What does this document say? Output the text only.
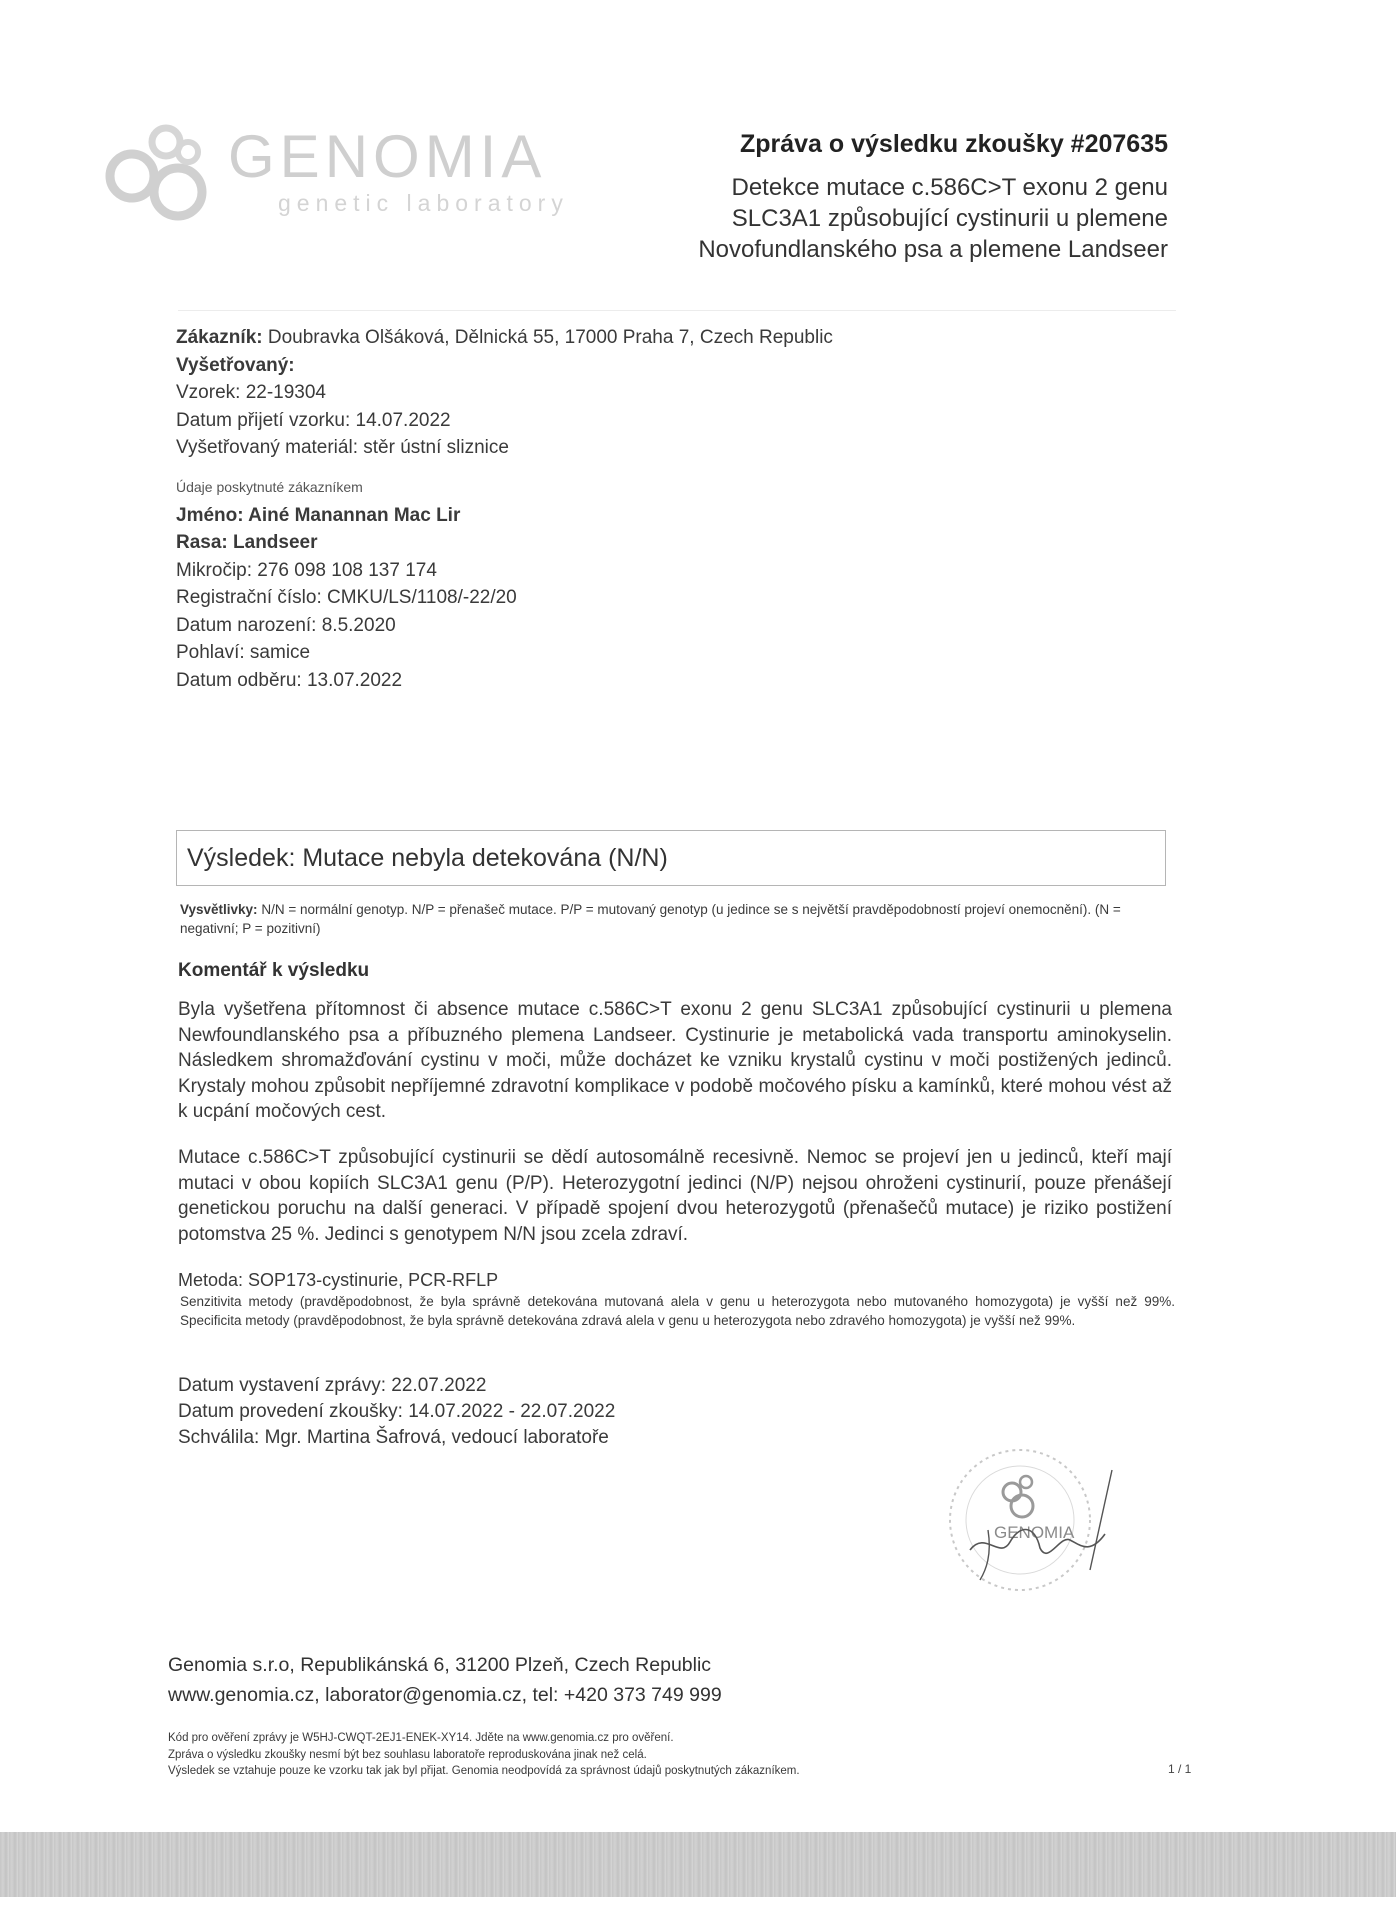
GENOMIA
genetic laboratory
Zpráva o výsledku zkoušky #207635
Detekce mutace c.586C>T exonu 2 genu
SLC3A1 způsobující cystinurii u plemene
Novofundlanského psa a plemene Landseer
Zákazník: Doubravka Olšáková, Dělnická 55, 17000 Praha 7, Czech Republic
Vyšetřovaný:
Vzorek: 22-19304
Datum přijetí vzorku: 14.07.2022
Vyšetřovaný materiál: stěr ústní sliznice
Údaje poskytnuté zákazníkem
Jméno: Ainé Manannan Mac Lir
Rasa: Landseer
Mikročip: 276 098 108 137 174
Registrační číslo: CMKU/LS/1108/-22/20
Datum narození: 8.5.2020
Pohlaví: samice
Datum odběru: 13.07.2022
Výsledek: Mutace nebyla detekována (N/N)
Vysvětlivky: N/N = normální genotyp. N/P = přenašeč mutace. P/P = mutovaný genotyp (u jedince se s největší pravděpodobností projeví onemocnění). (N = negativní; P = pozitivní)
Komentář k výsledku
Byla vyšetřena přítomnost či absence mutace c.586C>T exonu 2 genu SLC3A1 způsobující cystinurii u plemena Newfoundlanského psa a příbuzného plemena Landseer. Cystinurie je metabolická vada transportu aminokyselin. Následkem shromažďování cystinu v moči, může docházet ke vzniku krystalů cystinu v moči postižených jedinců. Krystaly mohou způsobit nepříjemné zdravotní komplikace v podobě močového písku a kamínků, které mohou vést až k ucpání močových cest.
Mutace c.586C>T způsobující cystinurii se dědí autosomálně recesivně. Nemoc se projeví jen u jedinců, kteří mají mutaci v obou kopiích SLC3A1 genu (P/P). Heterozygotní jedinci (N/P) nejsou ohroženi cystinurií, pouze přenášejí genetickou poruchu na další generaci. V případě spojení dvou heterozygotů (přenašečů mutace) je riziko postižení potomstva 25 %. Jedinci s genotypem N/N jsou zcela zdraví.
Metoda: SOP173-cystinurie, PCR-RFLP
Senzitivita metody (pravděpodobnost, že byla správně detekována mutovaná alela v genu u heterozygota nebo mutovaného homozygota) je vyšší než 99%. Specificita metody (pravděpodobnost, že byla správně detekována zdravá alela v genu u heterozygota nebo zdravého homozygota) je vyšší než 99%.
Datum vystavení zprávy: 22.07.2022
Datum provedení zkoušky: 14.07.2022 - 22.07.2022
Schválila: Mgr. Martina Šafrová, vedoucí laboratoře
GENOMIA
Genomia s.r.o, Republikánská 6, 31200 Plzeň, Czech Republic
www.genomia.cz, laborator@genomia.cz, tel: +420 373 749 999
Kód pro ověření zprávy je W5HJ-CWQT-2EJ1-ENEK-XY14. Jděte na www.genomia.cz pro ověření.
Zpráva o výsledku zkoušky nesmí být bez souhlasu laboratoře reproduskována jinak než celá.
Výsledek se vztahuje pouze ke vzorku tak jak byl přijat. Genomia neodpovídá za správnost údajů poskytnutých zákazníkem.	1 / 1
